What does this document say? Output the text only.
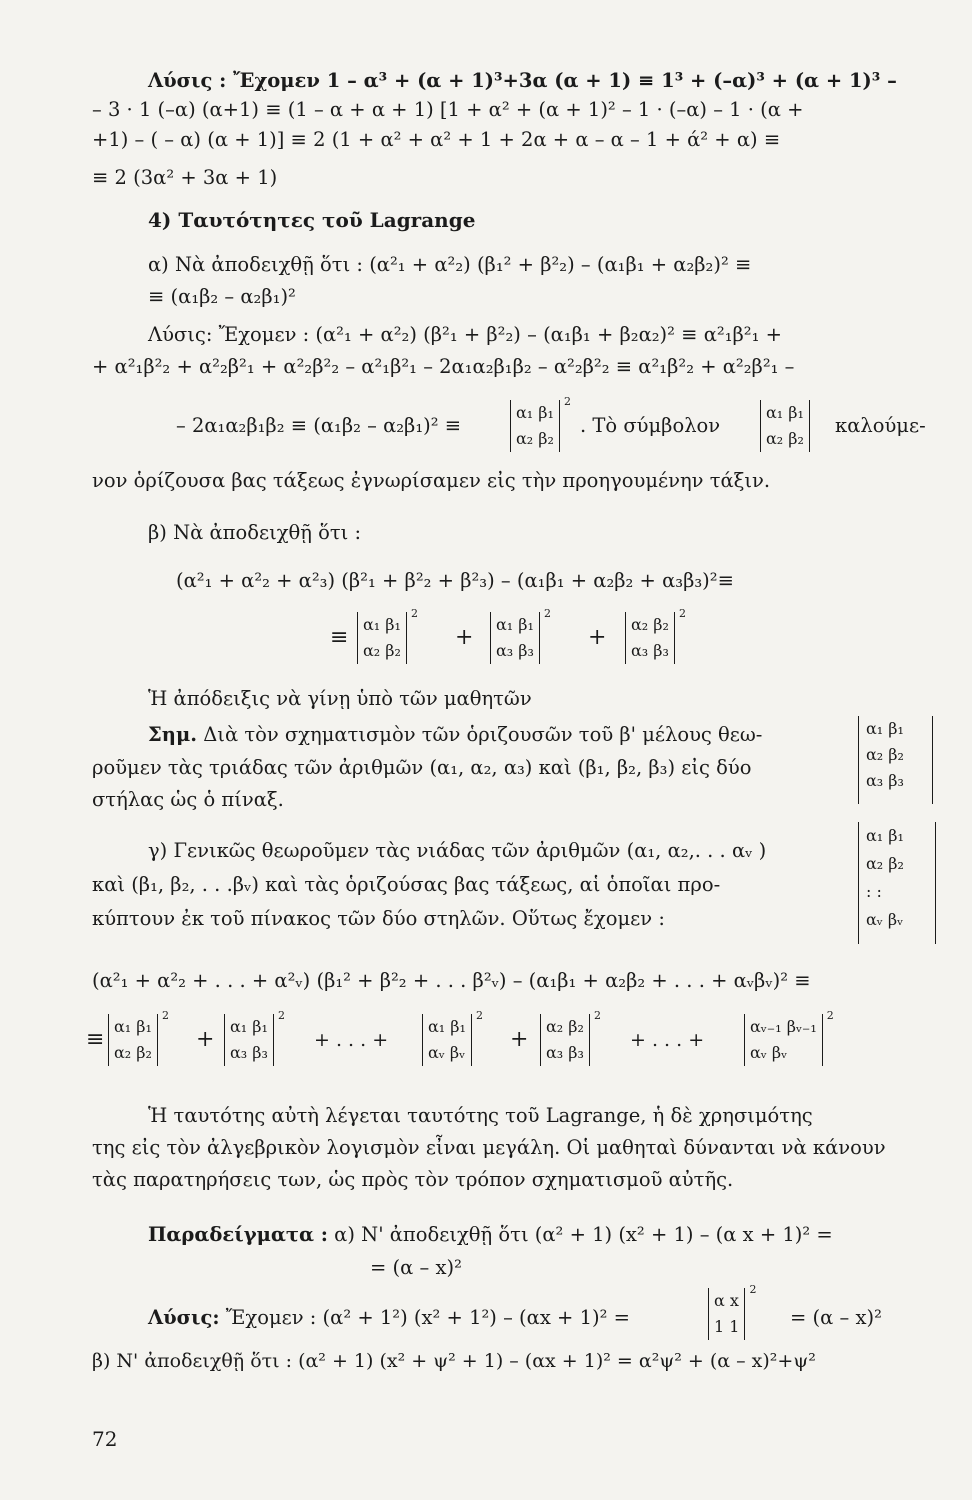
Λύσις : Ἔχομεν 1 – α³ + (α + 1)³+3α (α + 1) ≡ 1³ + (–α)³ + (α + 1)³ –
– 3 · 1 (–α) (α+1) ≡ (1 – α + α + 1) [1 + α² + (α + 1)² – 1 · (–α) – 1 · (α +
+1) – ( – α) (α + 1)] ≡ 2 (1 + α² + α² + 1 + 2α + α – α – 1 + ά² + α) ≡
≡ 2 (3α² + 3α + 1)
4) Ταυτότητες τοῦ Lagrange
α) Νὰ ἀποδειχθῇ ὅτι : (α²₁ + α²₂) (β₁² + β²₂) – (α₁β₁ + α₂β₂)² ≡
≡ (α₁β₂ – α₂β₁)²
Λύσις: Ἔχομεν : (α²₁ + α²₂) (β²₁ + β²₂) – (α₁β₁ + β₂α₂)² ≡ α²₁β²₁ +
+ α²₁β²₂ + α²₂β²₁ + α²₂β²₂ – α²₁β²₁ – 2α₁α₂β₁β₂ – α²₂β²₂ ≡ α²₁β²₂ + α²₂β²₁ –
– 2α₁α₂β₁β₂ ≡ (α₁β₂ – α₂β₁)² ≡
α₁ β₁
α₂ β₂
2
. Τὸ σύμβολον
α₁ β₁
α₂ β₂
καλούμε-
νον ὁρίζουσα βας τάξεως ἐγνωρίσαμεν εἰς τὴν προηγουμένην τάξιν.
β) Νὰ ἀποδειχθῇ ὅτι :
(α²₁ + α²₂ + α²₃) (β²₁ + β²₂ + β²₃) – (α₁β₁ + α₂β₂ + α₃β₃)²≡
≡
α₁ β₁
α₂ β₂
2
+
α₁ β₁
α₃ β₃
2
+
α₂ β₂
α₃ β₃
2
Ἡ ἀπόδειξις νὰ γίνῃ ὑπὸ τῶν μαθητῶν
Σημ. Διὰ τὸν σχηματισμὸν τῶν ὁριζουσῶν τοῦ β' μέλους θεω-
ροῦμεν τὰς τριάδας τῶν ἀριθμῶν (α₁, α₂, α₃) καὶ (β₁, β₂, β₃) εἰς δύο
στήλας ὡς ὁ πίναξ.
α₁ β₁
α₂ β₂
α₃ β₃
γ) Γενικῶς θεωροῦμεν τὰς νιάδας τῶν ἀριθμῶν (α₁, α₂,. . . αᵥ )
καὶ (β₁, β₂, . . .βᵥ) καὶ τὰς ὁριζούσας βας τάξεως, αἱ ὁποῖαι προ-
κύπτουν ἐκ τοῦ πίνακος τῶν δύο στηλῶν. Οὕτως ἔχομεν :
α₁ β₁
α₂ β₂
: :
αᵥ βᵥ
(α²₁ + α²₂ + . . . + α²ᵥ) (β₁² + β²₂ + . . . β²ᵥ) – (α₁β₁ + α₂β₂ + . . . + αᵥβᵥ)² ≡
≡
α₁ β₁
α₂ β₂
2
+
α₁ β₁
α₃ β₃
2
+ . . . +
α₁ β₁
αᵥ βᵥ
2
+
α₂ β₂
α₃ β₃
2
+ . . . +
αᵥ₋₁ βᵥ₋₁
αᵥ βᵥ
2
Ἡ ταυτότης αὐτὴ λέγεται ταυτότης τοῦ Lagrange, ἡ δὲ χρησιμότης
της εἰς τὸν ἀλγεβρικὸν λογισμὸν εἶναι μεγάλη. Οἱ μαθηταὶ δύνανται νὰ κάνουν
τὰς παρατηρήσεις των, ὡς πρὸς τὸν τρόπον σχηματισμοῦ αὐτῆς.
Παραδείγματα : α) Ν' ἀποδειχθῇ ὅτι (α² + 1) (x² + 1) – (α x + 1)² =
= (α – x)²
Λύσις: Ἔχομεν : (α² + 1²) (x² + 1²) – (αx + 1)² =
α x
1 1
2
= (α – x)²
β) Ν' ἀποδειχθῇ ὅτι : (α² + 1) (x² + ψ² + 1) – (αx + 1)² = α²ψ² + (α – x)²+ψ²
72
